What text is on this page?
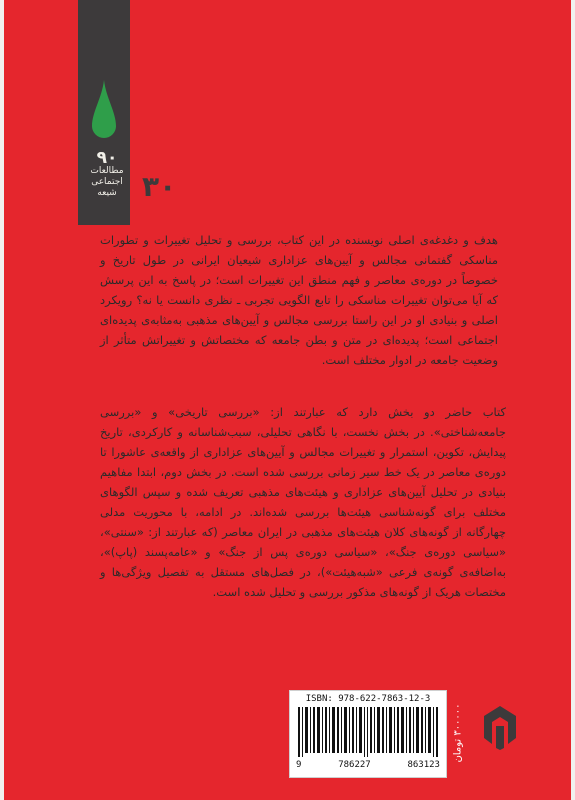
۹۰
مطالعات
اجتماعی
شیعه ۳۰

هدف و دغدغه‌ی اصلی نویسنده در این کتاب، بررسی و تحلیل تغییرات و تطورات مناسکی گفتمانی مجالس و آیین‌های عزاداری شیعیان ایرانی در طول تاریخ و خصوصاً در دوره‌ی معاصر و فهم منطق این تغییرات است؛ در پاسخ به این پرسش که آیا می‌توان تغییرات مناسکی را تابع الگویی تجربی ـ نظری دانست یا نه؟ رویکرد اصلی و بنیادی او در این راستا بررسی مجالس و آیین‌های مذهبی به‌مثابه‌ی پدیده‌ای اجتماعی است؛ پدیده‌ای در متن و بطن جامعه که مختصاتش و تغییراتش متأثر از وضعیت جامعه در ادوار مختلف است.

کتاب حاضر دو بخش دارد که عبارتند از: «بررسی تاریخی» و «بررسی جامعه‌شناختی». در بخش نخست، با نگاهی تحلیلی، سبب‌شناسانه و کارکردی، تاریخ پیدایش، تکوین، استمرار و تغییرات مجالس و آیین‌های عزاداری از واقعه‌ی عاشورا تا دوره‌ی معاصر در یک خط سیر زمانی بررسی شده است. در بخش دوم، ابتدا مفاهیم بنیادی در تحلیل آیین‌های عزاداری و هیئت‌های مذهبی تعریف شده و سپس الگوهای مختلف برای گونه‌شناسی هیئت‌ها بررسی شده‌اند. در ادامه، با محوریت مدلی چهارگانه از گونه‌های کلان هیئت‌های مذهبی در ایران معاصر (که عبارتند از: «سنتی»، «سیاسی دوره‌ی جنگ»، «سیاسی دوره‌ی پس از جنگ» و «عامه‌پسند (پاپ)»، به‌اضافه‌ی گونه‌ی فرعی «شبه‌هیئت»)، در فصل‌های مستقل به تفصیل ویژگی‌ها و مختصات هریک از گونه‌های مذکور بررسی و تحلیل شده است.

ISBN: 978-622-7863-12-3
9	786227	863123
۳۰۰۰۰۰ تومان
